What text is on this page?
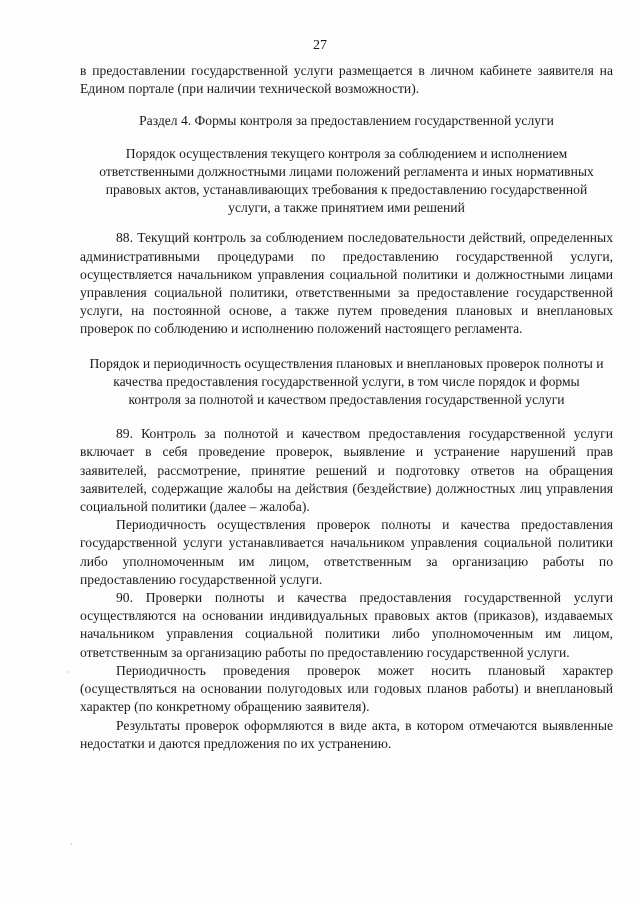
27

в предоставлении государственной услуги размещается в личном кабинете заявителя на Едином портале (при наличии технической возможности).

Раздел 4. Формы контроля за предоставлением государственной услуги

Порядок осуществления текущего контроля за соблюдением и исполнением ответственными должностными лицами положений регламента и иных нормативных правовых актов, устанавливающих требования к предоставлению государственной услуги, а также принятием ими решений

88. Текущий контроль за соблюдением последовательности действий, определенных административными процедурами по предоставлению государственной услуги, осуществляется начальником управления социальной политики и должностными лицами управления социальной политики, ответственными за предоставление государственной услуги, на постоянной основе, а также путем проведения плановых и внеплановых проверок по соблюдению и исполнению положений настоящего регламента.

Порядок и периодичность осуществления плановых и внеплановых проверок полноты и качества предоставления государственной услуги, в том числе порядок и формы контроля за полнотой и качеством предоставления государственной услуги

89. Контроль за полнотой и качеством предоставления государственной услуги включает в себя проведение проверок, выявление и устранение нарушений прав заявителей, рассмотрение, принятие решений и подготовку ответов на обращения заявителей, содержащие жалобы на действия (бездействие) должностных лиц управления социальной политики (далее – жалоба).

Периодичность осуществления проверок полноты и качества предоставления государственной услуги устанавливается начальником управления социальной политики либо уполномоченным им лицом, ответственным за организацию работы по предоставлению государственной услуги.

90. Проверки полноты и качества предоставления государственной услуги осуществляются на основании индивидуальных правовых актов (приказов), издаваемых начальником управления социальной политики либо уполномоченным им лицом, ответственным за организацию работы по предоставлению государственной услуги.

Периодичность проведения проверок может носить плановый характер (осуществляться на основании полугодовых или годовых планов работы) и внеплановый характер (по конкретному обращению заявителя).

Результаты проверок оформляются в виде акта, в котором отмечаются выявленные недостатки и даются предложения по их устранению.

·
·
